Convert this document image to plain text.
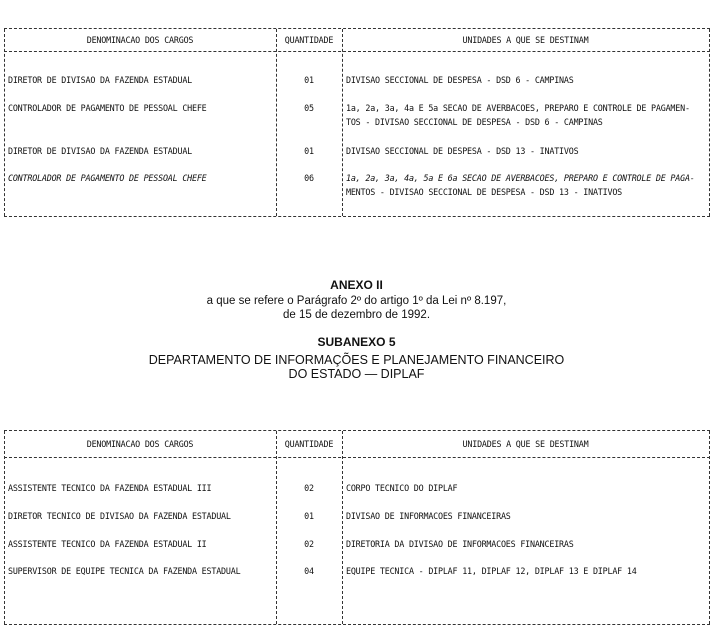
DENOMINACAO DOS CARGOS	QUANTIDADE	UNIDADES A QUE SE DESTINAM
DIRETOR DE DIVISAO DA FAZENDA ESTADUAL	01	DIVISAO SECCIONAL DE DESPESA - DSD 6 - CAMPINAS
CONTROLADOR DE PAGAMENTO DE PESSOAL CHEFE	05	1a, 2a, 3a, 4a E 5a SECAO DE AVERBACOES, PREPARO E CONTROLE DE PAGAMEN-
TOS - DIVISAO SECCIONAL DE DESPESA - DSD 6 - CAMPINAS
DIRETOR DE DIVISAO DA FAZENDA ESTADUAL	01	DIVISAO SECCIONAL DE DESPESA - DSD 13 - INATIVOS
CONTROLADOR DE PAGAMENTO DE PESSOAL CHEFE	06	1a, 2a, 3a, 4a, 5a E 6a SECAO DE AVERBACOES, PREPARO E CONTROLE DE PAGA-
MENTOS - DIVISAO SECCIONAL DE DESPESA - DSD 13 - INATIVOS
ANEXO II
a que se refere o Parágrafo 2º do artigo 1º da Lei nº 8.197,
de 15 de dezembro de 1992.
SUBANEXO 5
DEPARTAMENTO DE INFORMAÇÕES E PLANEJAMENTO FINANCEIRO
DO ESTADO — DIPLAF
DENOMINACAO DOS CARGOS	QUANTIDADE	UNIDADES A QUE SE DESTINAM
ASSISTENTE TECNICO DA FAZENDA ESTADUAL III	02	CORPO TECNICO DO DIPLAF
DIRETOR TECNICO DE DIVISAO DA FAZENDA ESTADUAL	01	DIVISAO DE INFORMACOES FINANCEIRAS
ASSISTENTE TECNICO DA FAZENDA ESTADUAL II	02	DIRETORIA DA DIVISAO DE INFORMACOES FINANCEIRAS
SUPERVISOR DE EQUIPE TECNICA DA FAZENDA ESTADUAL	04	EQUIPE TECNICA - DIPLAF 11, DIPLAF 12, DIPLAF 13 E DIPLAF 14
